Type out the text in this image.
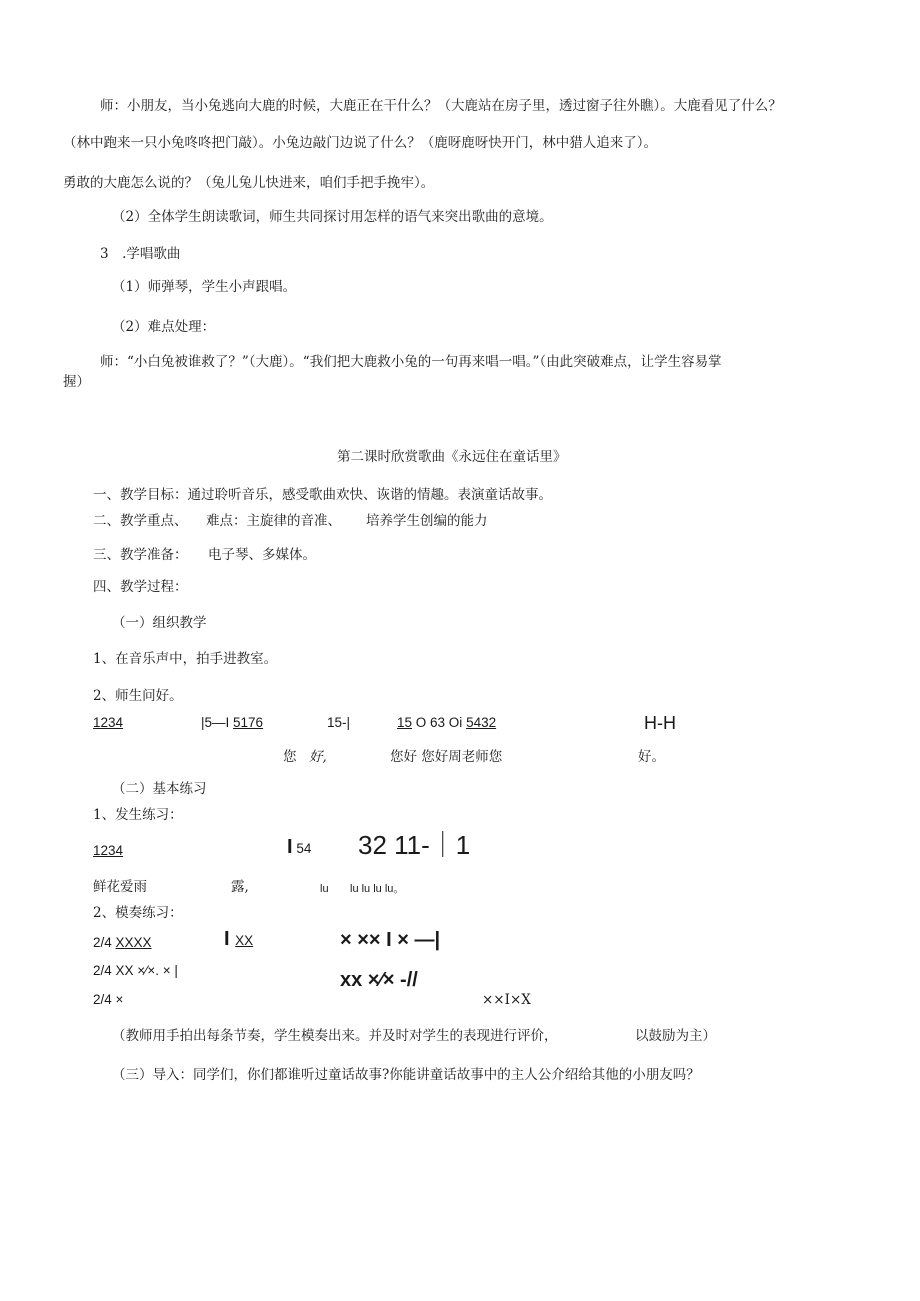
师：小朋友，当小兔逃向大鹿的时候，大鹿正在干什么？（大鹿站在房子里，透过窗子往外瞧）。大鹿看见了什么？
（林中跑来一只小兔咚咚把门敲）。小兔边敲门边说了什么？（鹿呀鹿呀快开门，林中猎人追来了）。
勇敢的大鹿怎么说的？（兔儿兔儿快进来，咱们手把手挽牢）。
（2）全体学生朗读歌词，师生共同探讨用怎样的语气来突出歌曲的意境。
3　.学唱歌曲
（1）师弹琴，学生小声跟唱。
（2）难点处理：
师：“小白兔被谁救了？”（大鹿）。“我们把大鹿救小兔的一句再来唱一唱。”（由此突破难点，让学生容易掌
握）
第二课时欣赏歌曲《永远住在童话里》
一、教学目标：通过聆听音乐，感受歌曲欢快、诙谐的情趣。表演童话故事。
二、教学重点、 难点：主旋律的音准、 培养学生创编的能力
三、教学准备： 电子琴、多媒体。
四、教学过程：
（一）组织教学
1、在音乐声中，拍手进教室。
2、师生问好。
1234	|5—I 5176	15-|	15 O 63 Oi 5432	H-H
您 好,	您好 您好周老师您	好。
（二）基本练习
1、发生练习：
1234	I 54 32 11-｜1
鲜花爱雨	露,	lu lu lu lu lu。
2、模奏练习：
2/4 XXXX	I XX	× ×× I × —|
2/4 XX ×⁄×. × |	xx ×⁄× -//
2/4 ×	××I×X
（教师用手拍出每条节奏，学生模奏出来。并及时对学生的表现进行评价，	以鼓励为主）
（三）导入：同学们，你们都谁听过童话故事?你能讲童话故事中的主人公介绍给其他的小朋友吗？
